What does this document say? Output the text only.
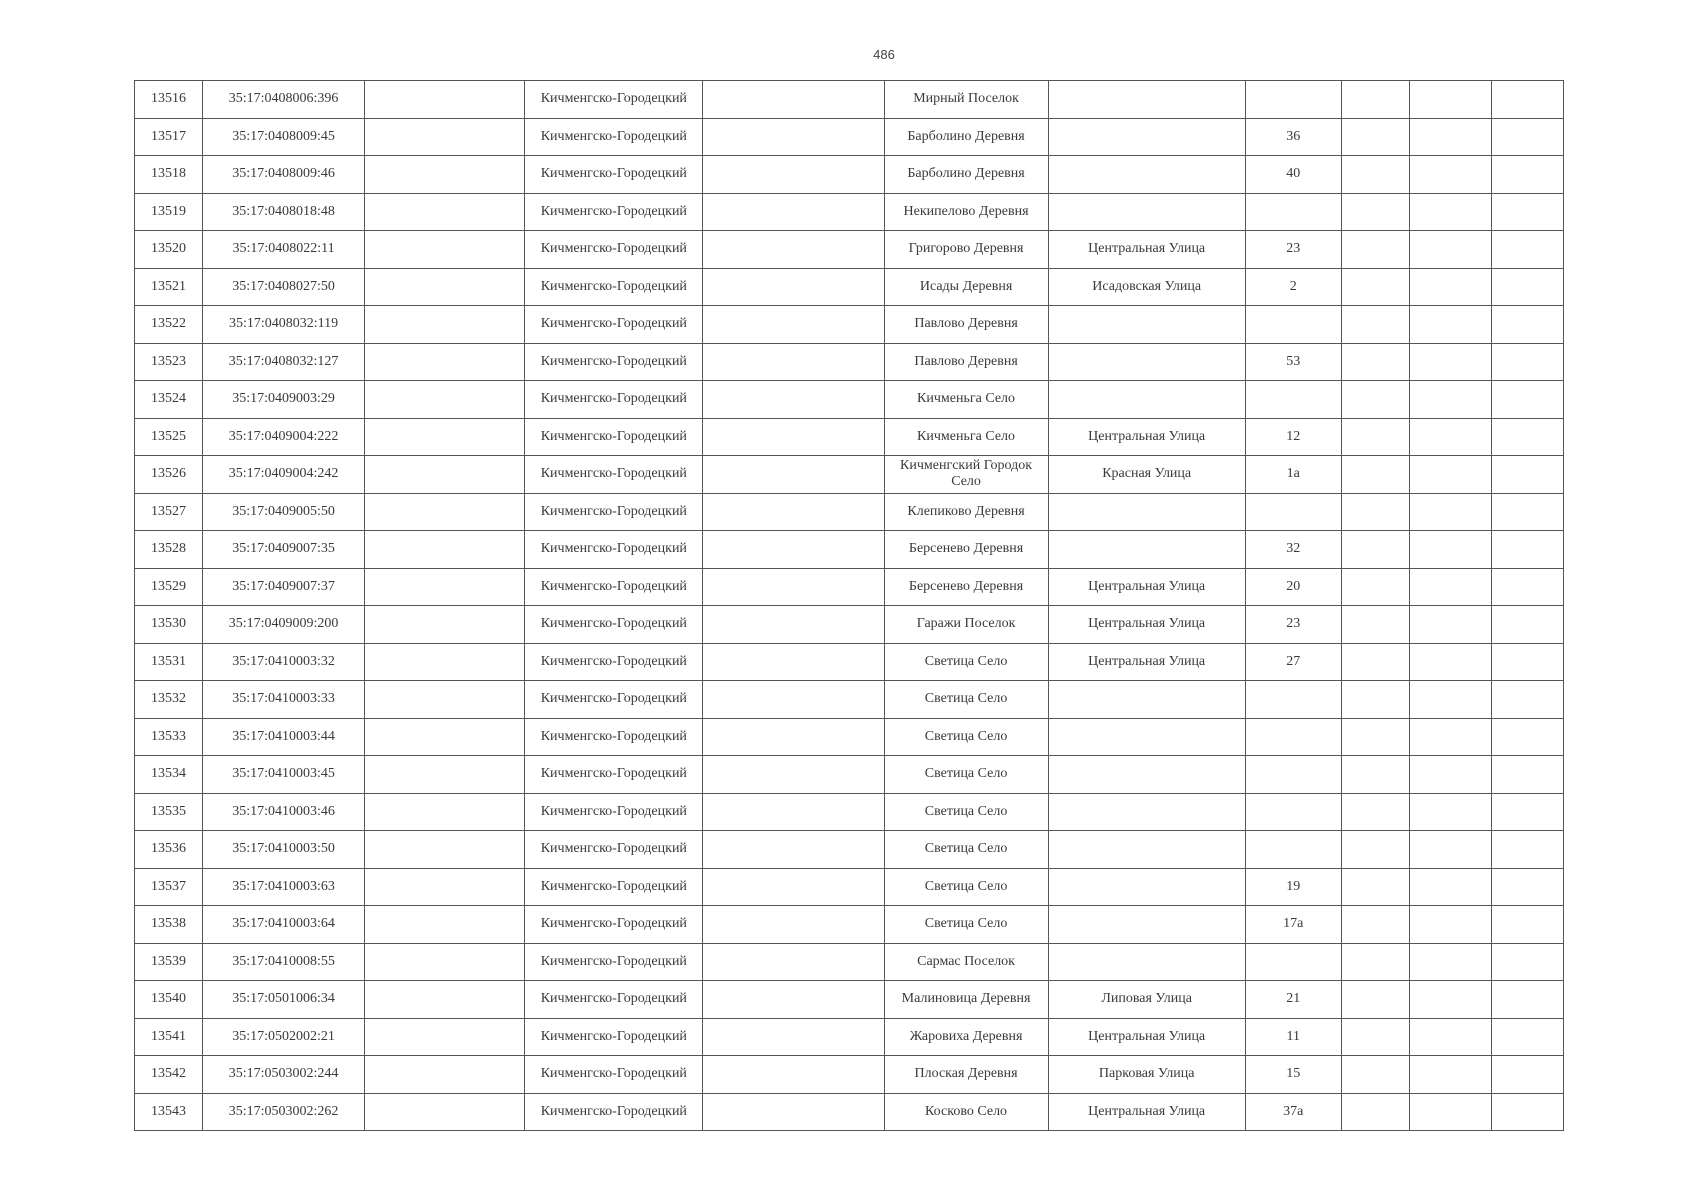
486
13516	35:17:0408006:396		Кичменгско-Городецкий		Мирный Поселок					
13517	35:17:0408009:45		Кичменгско-Городецкий		Барболино Деревня		36			
13518	35:17:0408009:46		Кичменгско-Городецкий		Барболино Деревня		40			
13519	35:17:0408018:48		Кичменгско-Городецкий		Некипелово Деревня					
13520	35:17:0408022:11		Кичменгско-Городецкий		Григорово Деревня	Центральная Улица	23			
13521	35:17:0408027:50		Кичменгско-Городецкий		Исады Деревня	Исадовская Улица	2			
13522	35:17:0408032:119		Кичменгско-Городецкий		Павлово Деревня					
13523	35:17:0408032:127		Кичменгско-Городецкий		Павлово Деревня		53			
13524	35:17:0409003:29		Кичменгско-Городецкий		Кичменьга Село					
13525	35:17:0409004:222		Кичменгско-Городецкий		Кичменьга Село	Центральная Улица	12			
13526	35:17:0409004:242		Кичменгско-Городецкий		Кичменгский Городок Село	Красная Улица	1а			
13527	35:17:0409005:50		Кичменгско-Городецкий		Клепиково Деревня					
13528	35:17:0409007:35		Кичменгско-Городецкий		Берсенево Деревня		32			
13529	35:17:0409007:37		Кичменгско-Городецкий		Берсенево Деревня	Центральная Улица	20			
13530	35:17:0409009:200		Кичменгско-Городецкий		Гаражи Поселок	Центральная Улица	23			
13531	35:17:0410003:32		Кичменгско-Городецкий		Светица Село	Центральная Улица	27			
13532	35:17:0410003:33		Кичменгско-Городецкий		Светица Село					
13533	35:17:0410003:44		Кичменгско-Городецкий		Светица Село					
13534	35:17:0410003:45		Кичменгско-Городецкий		Светица Село					
13535	35:17:0410003:46		Кичменгско-Городецкий		Светица Село					
13536	35:17:0410003:50		Кичменгско-Городецкий		Светица Село					
13537	35:17:0410003:63		Кичменгско-Городецкий		Светица Село		19			
13538	35:17:0410003:64		Кичменгско-Городецкий		Светица Село		17а			
13539	35:17:0410008:55		Кичменгско-Городецкий		Сармас Поселок					
13540	35:17:0501006:34		Кичменгско-Городецкий		Малиновица Деревня	Липовая Улица	21			
13541	35:17:0502002:21		Кичменгско-Городецкий		Жаровиха Деревня	Центральная Улица	11			
13542	35:17:0503002:244		Кичменгско-Городецкий		Плоская Деревня	Парковая Улица	15			
13543	35:17:0503002:262		Кичменгско-Городецкий		Косково Село	Центральная Улица	37а			
